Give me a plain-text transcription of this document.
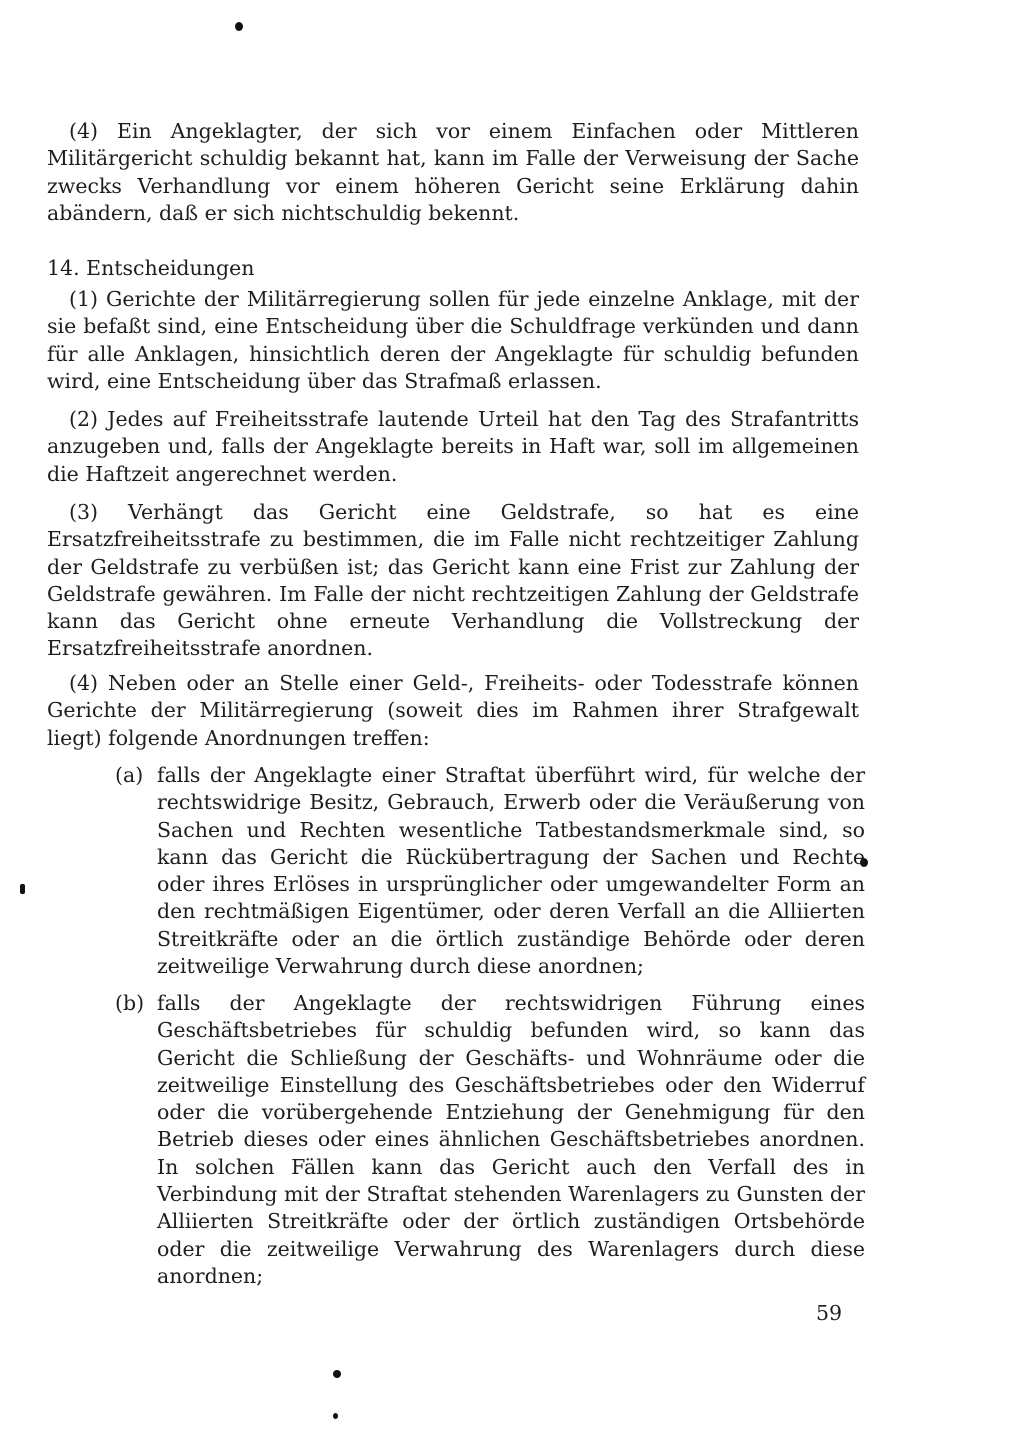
(4) Ein Angeklagter, der sich vor einem Einfachen oder Mittleren Militärgericht schuldig bekannt hat, kann im Falle der Verweisung der Sache zwecks Verhandlung vor einem höheren Gericht seine Erklärung dahin abändern, daß er sich nichtschuldig bekennt.

14. Entscheidungen

(1) Gerichte der Militärregierung sollen für jede einzelne Anklage, mit der sie befaßt sind, eine Entscheidung über die Schuldfrage verkünden und dann für alle Anklagen, hinsichtlich deren der Angeklagte für schuldig befunden wird, eine Entscheidung über das Strafmaß erlassen.

(2) Jedes auf Freiheitsstrafe lautende Urteil hat den Tag des Strafantritts anzugeben und, falls der Angeklagte bereits in Haft war, soll im allgemeinen die Haftzeit angerechnet werden.

(3) Verhängt das Gericht eine Geldstrafe, so hat es eine Ersatzfreiheitsstrafe zu bestimmen, die im Falle nicht rechtzeitiger Zahlung der Geldstrafe zu verbüßen ist; das Gericht kann eine Frist zur Zahlung der Geldstrafe gewähren. Im Falle der nicht rechtzeitigen Zahlung der Geldstrafe kann das Gericht ohne erneute Verhandlung die Vollstreckung der Ersatzfreiheitsstrafe anordnen.

(4) Neben oder an Stelle einer Geld-, Freiheits- oder Todesstrafe können Gerichte der Militärregierung (soweit dies im Rahmen ihrer Strafgewalt liegt) folgende Anordnungen treffen:

(a) falls der Angeklagte einer Straftat überführt wird, für welche der rechtswidrige Besitz, Gebrauch, Erwerb oder die Veräußerung von Sachen und Rechten wesentliche Tatbestandsmerkmale sind, so kann das Gericht die Rückübertragung der Sachen und Rechte oder ihres Erlöses in ursprünglicher oder umgewandelter Form an den rechtmäßigen Eigentümer, oder deren Verfall an die Alliierten Streitkräfte oder an die örtlich zuständige Behörde oder deren zeitweilige Verwahrung durch diese anordnen;
(b) falls der Angeklagte der rechtswidrigen Führung eines Geschäftsbetriebes für schuldig befunden wird, so kann das Gericht die Schließung der Geschäfts- und Wohnräume oder die zeitweilige Einstellung des Geschäftsbetriebes oder den Widerruf oder die vorübergehende Entziehung der Genehmigung für den Betrieb dieses oder eines ähnlichen Geschäftsbetriebes anordnen. In solchen Fällen kann das Gericht auch den Verfall des in Verbindung mit der Straftat stehenden Warenlagers zu Gunsten der Alliierten Streitkräfte oder der örtlich zuständigen Ortsbehörde oder die zeitweilige Verwahrung des Warenlagers durch diese anordnen;
59
